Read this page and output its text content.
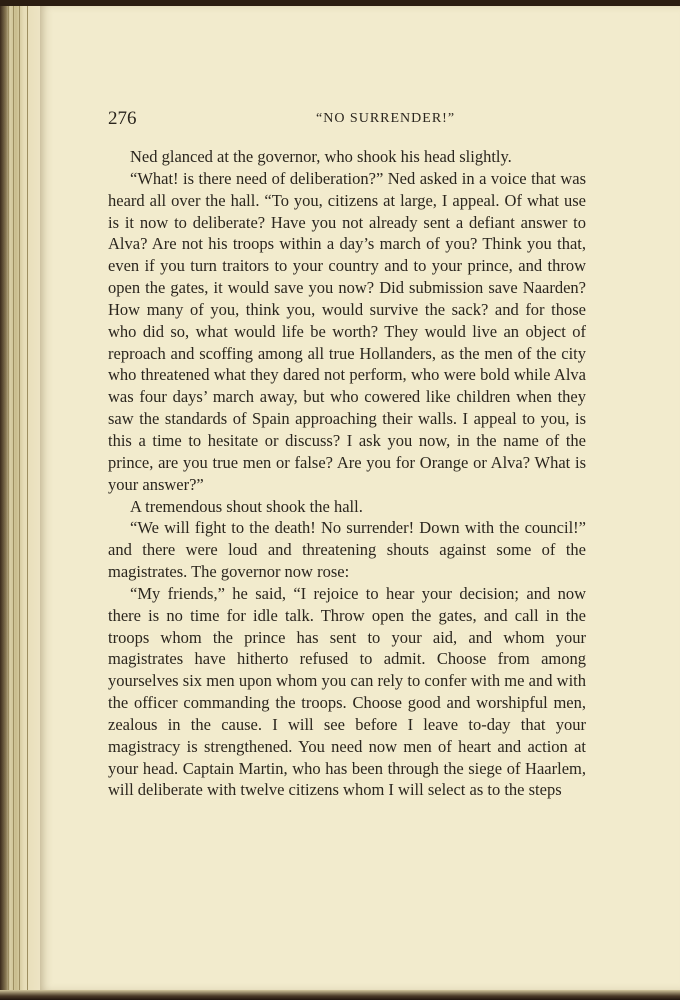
276	“NO SURRENDER!”

Ned glanced at the governor, who shook his head slightly.

“What! is there need of deliberation?” Ned asked in a voice that was heard all over the hall. “To you, citizens at large, I appeal. Of what use is it now to deliberate? Have you not already sent a defiant answer to Alva? Are not his troops within a day’s march of you? Think you that, even if you turn traitors to your country and to your prince, and throw open the gates, it would save you now? Did submission save Naarden? How many of you, think you, would survive the sack? and for those who did so, what would life be worth? They would live an object of reproach and scoffing among all true Hollanders, as the men of the city who threatened what they dared not perform, who were bold while Alva was four days’ march away, but who cowered like children when they saw the standards of Spain approaching their walls. I appeal to you, is this a time to hesitate or discuss? I ask you now, in the name of the prince, are you true men or false? Are you for Orange or Alva? What is your answer?”

A tremendous shout shook the hall.

“We will fight to the death! No surrender! Down with the council!” and there were loud and threatening shouts against some of the magistrates. The governor now rose:

“My friends,” he said, “I rejoice to hear your decision; and now there is no time for idle talk. Throw open the gates, and call in the troops whom the prince has sent to your aid, and whom your magistrates have hitherto refused to admit. Choose from among yourselves six men upon whom you can rely to confer with me and with the officer commanding the troops. Choose good and worshipful men, zealous in the cause. I will see before I leave to-day that your magistracy is strengthened. You need now men of heart and action at your head. Captain Martin, who has been through the siege of Haarlem, will deliberate with twelve citizens whom I will select as to the steps
